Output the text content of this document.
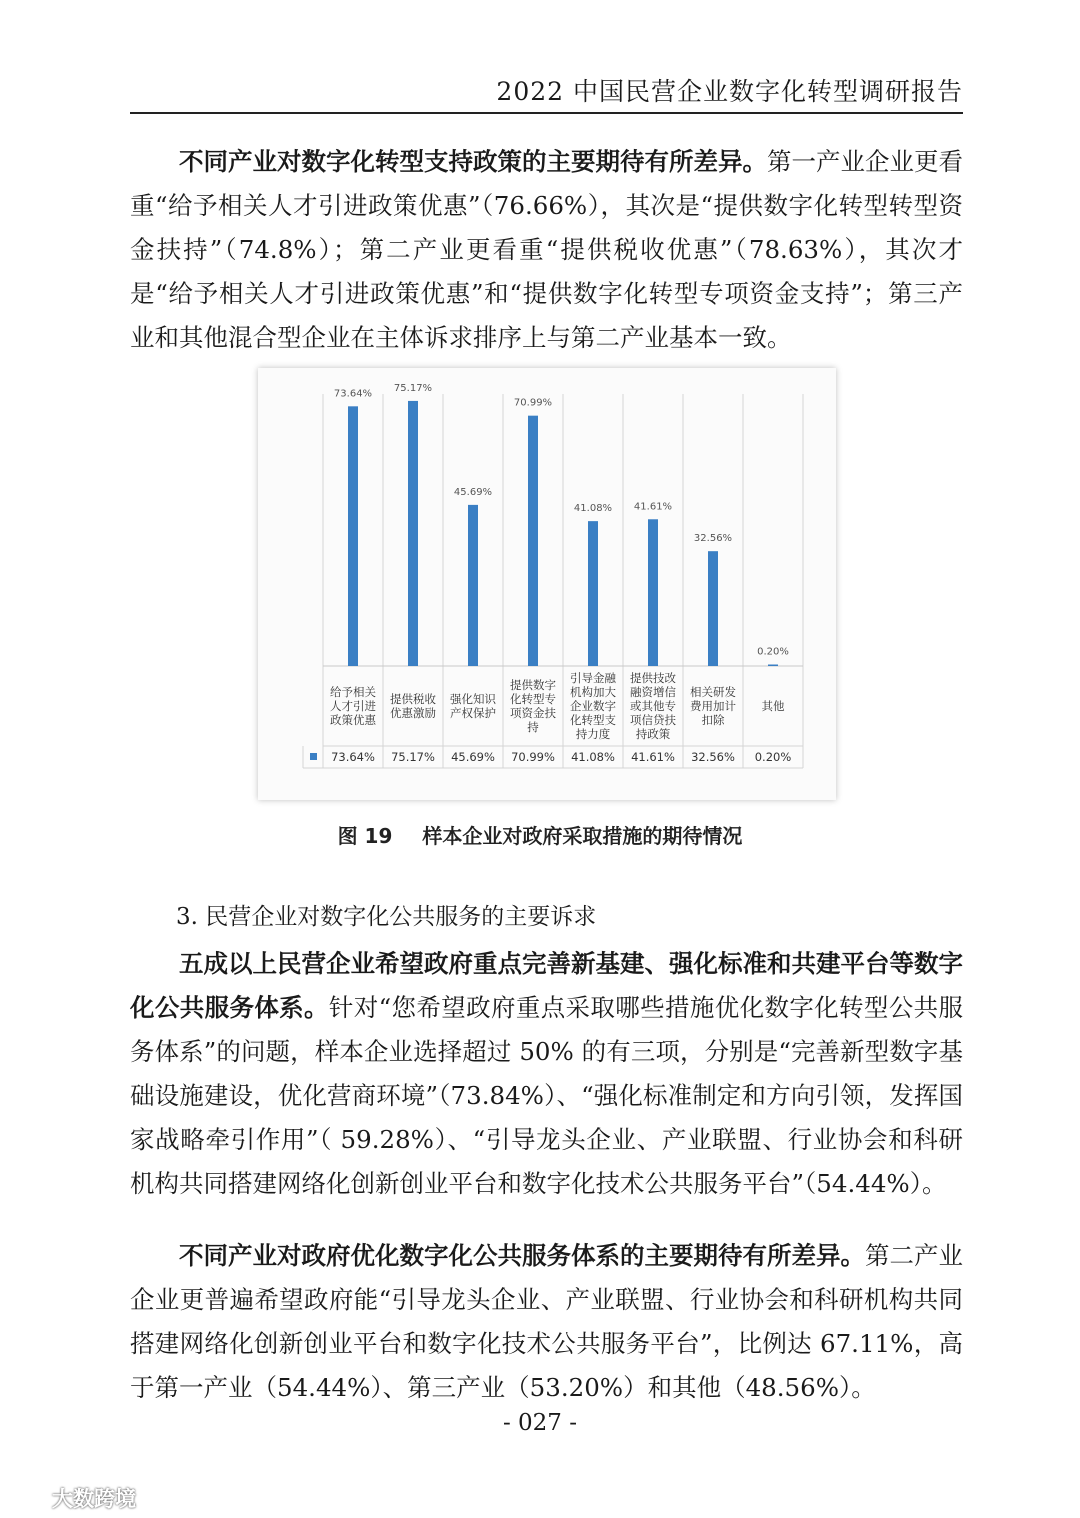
2022 中国民营企业数字化转型调研报告

不同产业对数字化转型支持政策的主要期待有所差异。第一产业企业更看重“给予相关人才引进政策优惠”（76.66%），其次是“提供数字化转型转型资金扶持”（74.8%）；第二产业更看重“提供税收优惠”（78.63%），其次才是“给予相关人才引进政策优惠”和“提供数字化转型专项资金支持”；第三产业和其他混合型企业在主体诉求排序上与第二产业基本一致。

73.64%
给予相关人才引进政策优惠
73.64%
75.17%
提供税收优惠激励
75.17%
45.69%
强化知识产权保护
45.69%
70.99%
提供数字化转型专项资金扶持
70.99%
41.08%
引导金融机构加大企业数字化转型支持力度
41.08%
41.61%
提供技改融资增信或其他专项信贷扶持政策
41.61%
32.56%
相关研发费用加计扣除
32.56%
0.20%
其他
0.20%
图 19 样本企业对政府采取措施的期待情况

3. 民营企业对数字化公共服务的主要诉求

五成以上民营企业希望政府重点完善新基建、强化标准和共建平台等数字化公共服务体系。针对“您希望政府重点采取哪些措施优化数字化转型公共服务体系”的问题，样本企业选择超过 50% 的有三项，分别是“完善新型数字基础设施建设，优化营商环境”（73.84%）、“强化标准制定和方向引领，发挥国家战略牵引作用”（ 59.28%）、“引导龙头企业、产业联盟、行业协会和科研机构共同搭建网络化创新创业平台和数字化技术公共服务平台”（54.44%）。

不同产业对政府优化数字化公共服务体系的主要期待有所差异。第二产业企业更普遍希望政府能“引导龙头企业、产业联盟、行业协会和科研机构共同搭建网络化创新创业平台和数字化技术公共服务平台”，比例达 67.11%，高于第一产业（54.44%）、第三产业（53.20%）和其他（48.56%）。

- 027 -
大数跨境
